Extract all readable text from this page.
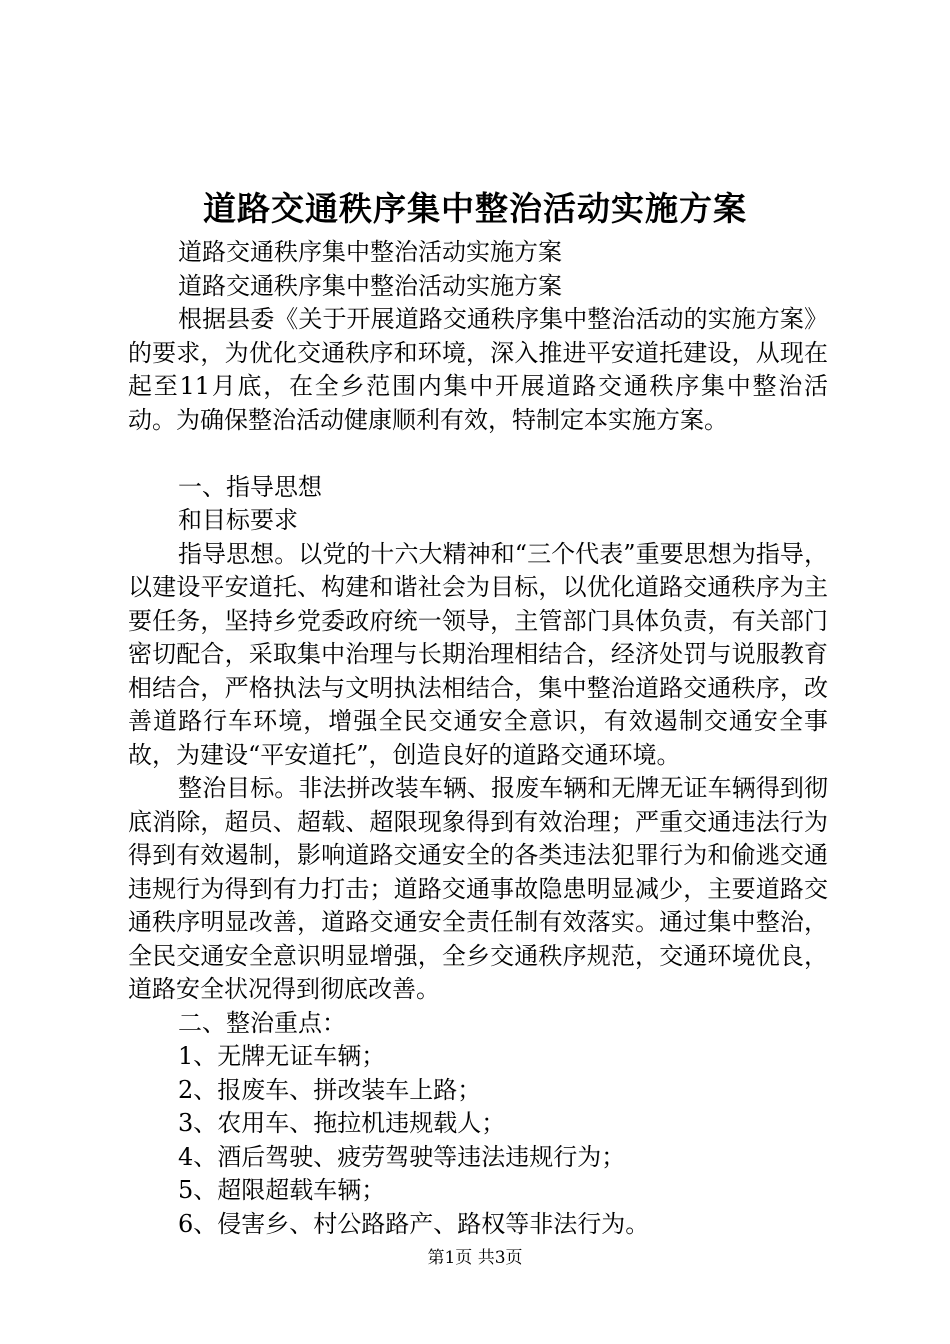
道路交通秩序集中整治活动实施方案

道路交通秩序集中整治活动实施方案

道路交通秩序集中整治活动实施方案

根据县委《关于开展道路交通秩序集中整治活动的实施方案》的要求，为优化交通秩序和环境，深入推进平安道托建设，从现在起至11月底，在全乡范围内集中开展道路交通秩序集中整治活动。为确保整治活动健康顺利有效，特制定本实施方案。

一、指导思想

和目标要求

指导思想。以党的十六大精神和“三个代表”重要思想为指导，以建设平安道托、构建和谐社会为目标，以优化道路交通秩序为主要任务，坚持乡党委政府统一领导，主管部门具体负责，有关部门密切配合，采取集中治理与长期治理相结合，经济处罚与说服教育相结合，严格执法与文明执法相结合，集中整治道路交通秩序，改善道路行车环境，增强全民交通安全意识，有效遏制交通安全事故，为建设“平安道托”，创造良好的道路交通环境。

整治目标。非法拼改装车辆、报废车辆和无牌无证车辆得到彻底消除，超员、超载、超限现象得到有效治理；严重交通违法行为得到有效遏制，影响道路交通安全的各类违法犯罪行为和偷逃交通违规行为得到有力打击；道路交通事故隐患明显减少，主要道路交通秩序明显改善，道路交通安全责任制有效落实。通过集中整治，全民交通安全意识明显增强，全乡交通秩序规范，交通环境优良，道路安全状况得到彻底改善。

二、整治重点：

1、无牌无证车辆；

2、报废车、拼改装车上路；

3、农用车、拖拉机违规载人；

4、酒后驾驶、疲劳驾驶等违法违规行为；

5、超限超载车辆；

6、侵害乡、村公路路产、路权等非法行为。

第1页 共3页
